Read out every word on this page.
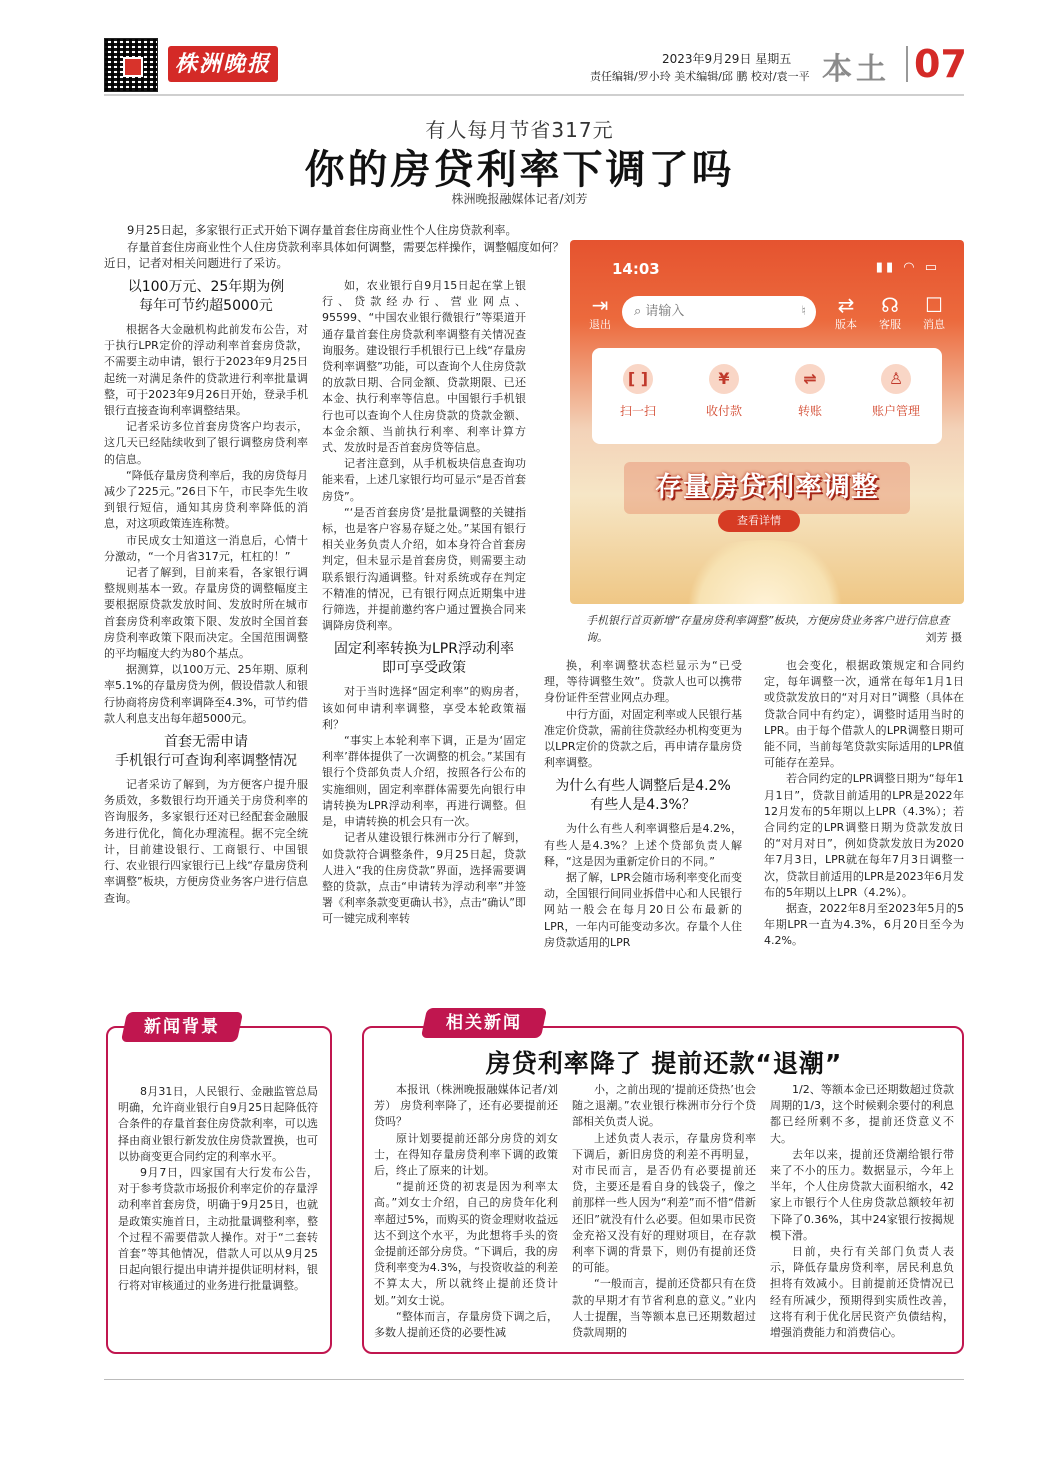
株洲晚报	2023年9月29日 星期五
责任编辑/罗小玲 美术编辑/邱 鹏 校对/袁一平 本土 07
有人每月节省317元
你的房贷利率下调了吗
株洲晚报融媒体记者/刘芳

9月25日起，多家银行正式开始下调存量首套住房商业性个人住房贷款利率。

存量首套住房商业性个人住房贷款利率具体如何调整，需要怎样操作，调整幅度如何？ 近日，记者对相关问题进行了采访。

以100万元、25年期为例
每年可节约超5000元

根据各大金融机构此前发布公告，对于执行LPR定价的浮动利率首套房贷款，不需要主动申请，银行于2023年9月25日起统一对满足条件的贷款进行利率批量调整，可于2023年9月26日开始，登录手机银行直接查询利率调整结果。

记者采访多位首套房贷客户均表示，这几天已经陆续收到了银行调整房贷利率的信息。

“降低存量房贷利率后，我的房贷每月减少了225元。”26日下午，市民李先生收到银行短信，通知其房贷利率降低的消息，对这项政策连连称赞。

市民成女士知道这一消息后，心情十分激动，“一个月省317元，杠杠的！”

记者了解到，目前来看，各家银行调整规则基本一致。存量房贷的调整幅度主要根据原贷款发放时间、发放时所在城市首套房贷利率政策下限、发放时全国首套房贷利率政策下限而决定。全国范围调整的平均幅度大约为80个基点。

据测算，以100万元、25年期、原利率5.1%的存量房贷为例，假设借款人和银行协商将房贷利率调降至4.3%，可节约借款人利息支出每年超5000元。

首套无需申请
手机银行可查询利率调整情况

记者采访了解到，为方便客户提升服务质效，多数银行均开通关于房贷利率的咨询服务，多家银行还对已经配套金融服务进行优化，简化办理流程。据不完全统计，目前建设银行、工商银行、中国银行、农业银行四家银行已上线“存量房贷利率调整”板块，方便房贷业务客户进行信息查询。

如，农业银行自9月15日起在掌上银行、贷款经办行、营业网点、95599、“中国农业银行微银行”等渠道开通存量首套住房贷款利率调整有关情况查询服务。建设银行手机银行已上线“存量房贷利率调整”功能，可以查询个人住房贷款的放款日期、合同金额、贷款期限、已还本金、执行利率等信息。中国银行手机银行也可以查询个人住房贷款的贷款金额、本金余额、当前执行利率、利率计算方式、发放时是否首套房贷等信息。

记者注意到，从手机板块信息查询功能来看，上述几家银行均可显示“是否首套房贷”。

“‘是否首套房贷’是批量调整的关键指标，也是客户容易存疑之处。”某国有银行相关业务负责人介绍，如本身符合首套房判定，但未显示是首套房贷，则需要主动联系银行沟通调整。针对系统或存在判定不精准的情况，已有银行网点近期集中进行筛选，并提前邀约客户通过置换合同来调降房贷利率。

固定利率转换为LPR浮动利率
即可享受政策

对于当时选择“固定利率”的购房者，该如何申请利率调整，享受本轮政策福利？

“事实上本轮利率下调，正是为‘固定利率’群体提供了一次调整的机会。”某国有银行个贷部负责人介绍，按照各行公布的实施细则，固定利率群体需要先向银行申请转换为LPR浮动利率，再进行调整。但是，申请转换的机会只有一次。

记者从建设银行株洲市分行了解到，如贷款符合调整条件，9月25日起，贷款人进入“我的住房贷款”界面，选择需要调整的贷款，点击“申请转为浮动利率”并签署《利率条款变更确认书》，点击“确认”即可一键完成利率转

14:03	▮▮ ◠ ▭
⇥
退出
⌕ 请输入	♮	⇄
版本
☊
客服
☐
消息
[ ]
扫一扫
¥
收付款
⇌
转账
♙
账户管理
存量房贷利率调整
查看详情
手机银行首页新增“存量房贷利率调整”板块，方便房贷业务客户进行信息查询。	刘芳 摄

换，利率调整状态栏显示为“已受理，等待调整生效”。贷款人也可以携带身份证件至营业网点办理。

中行方面，对固定利率或人民银行基准定价贷款，需前往贷款经办机构变更为以LPR定价的贷款之后，再申请存量房贷利率调整。

为什么有些人调整后是4.2%
有些人是4.3%？

为什么有些人利率调整后是4.2%，有些人是4.3%？上述个贷部负责人解释，“这是因为重新定价日的不同。”

据了解，LPR会随市场利率变化而变动，全国银行间同业拆借中心和人民银行网站一般会在每月20日公布最新的LPR，一年内可能变动多次。存量个人住房贷款适用的LPR

也会变化，根据政策规定和合同约定，每年调整一次，通常在每年1月1日或贷款发放日的“对月对日”调整（具体在贷款合同中有约定），调整时适用当时的LPR。由于每个借款人的LPR调整日期可能不同，当前每笔贷款实际适用的LPR值可能存在差异。

若合同约定的LPR调整日期为“每年1月1日”，贷款目前适用的LPR是2022年12月发布的5年期以上LPR（4.3%）；若合同约定的LPR调整日期为贷款发放日的“对月对日”，例如贷款发放日为2020年7月3日，LPR就在每年7月3日调整一次，贷款目前适用的LPR是2023年6月发布的5年期以上LPR（4.2%）。

据查，2022年8月至2023年5月的5年期LPR一直为4.3%，6月20日至今为4.2%。

新闻背景

8月31日，人民银行、金融监管总局明确，允许商业银行自9月25日起降低符合条件的存量首套住房贷款利率，可以选择由商业银行新发放住房贷款置换，也可以协商变更合同约定的利率水平。

9月7日，四家国有大行发布公告，对于参考贷款市场报价利率定价的存量浮动利率首套房贷，明确于9月25日，也就是政策实施首日，主动批量调整利率，整个过程不需要借款人操作。对于“二套转首套”等其他情况，借款人可以从9月25日起向银行提出申请并提供证明材料，银行将对审核通过的业务进行批量调整。

相关新闻
房贷利率降了 提前还款“退潮”

本报讯（株洲晚报融媒体记者/刘芳） 房贷利率降了，还有必要提前还贷吗？

原计划要提前还部分房贷的刘女士，在得知存量房贷利率下调的政策后，终止了原来的计划。

“提前还贷的初衷是因为利率太高。”刘女士介绍，自己的房贷年化利率超过5%，而购买的资金理财收益远达不到这个水平，为此想将手头的资金提前还部分房贷。“下调后，我的房贷利率变为4.3%，与投资收益的利差不算太大，所以就终止提前还贷计划。”刘女士说。

“整体而言，存量房贷下调之后，多数人提前还贷的必要性减

小，之前出现的‘提前还贷热’也会随之退潮。”农业银行株洲市分行个贷部相关负责人说。

上述负责人表示，存量房贷利率下调后，新旧房贷的利差不再明显，对市民而言，是否仍有必要提前还贷，主要还是看自身的钱袋子，像之前那样一些人因为“利差”而不惜“借新还旧”就没有什么必要。但如果市民资金充裕又没有好的理财项目，在存款利率下调的背景下，则仍有提前还贷的可能。

“一般而言，提前还贷都只有在贷款的早期才有节省利息的意义。”业内人士提醒，当等额本息已还期数超过贷款周期的

1/2、等额本金已还期数超过贷款周期的1/3，这个时候剩余要付的利息都已经所剩不多，提前还贷意义不大。

去年以来，提前还贷潮给银行带来了不小的压力。数据显示，今年上半年，个人住房贷款大面积缩水，42家上市银行个人住房贷款总额较年初下降了0.36%，其中24家银行按揭规模下滑。

日前，央行有关部门负责人表示，降低存量房贷利率，居民利息负担将有效减小。目前提前还贷情况已经有所减少，预期得到实质性改善，这将有利于优化居民资产负债结构，增强消费能力和消费信心。
